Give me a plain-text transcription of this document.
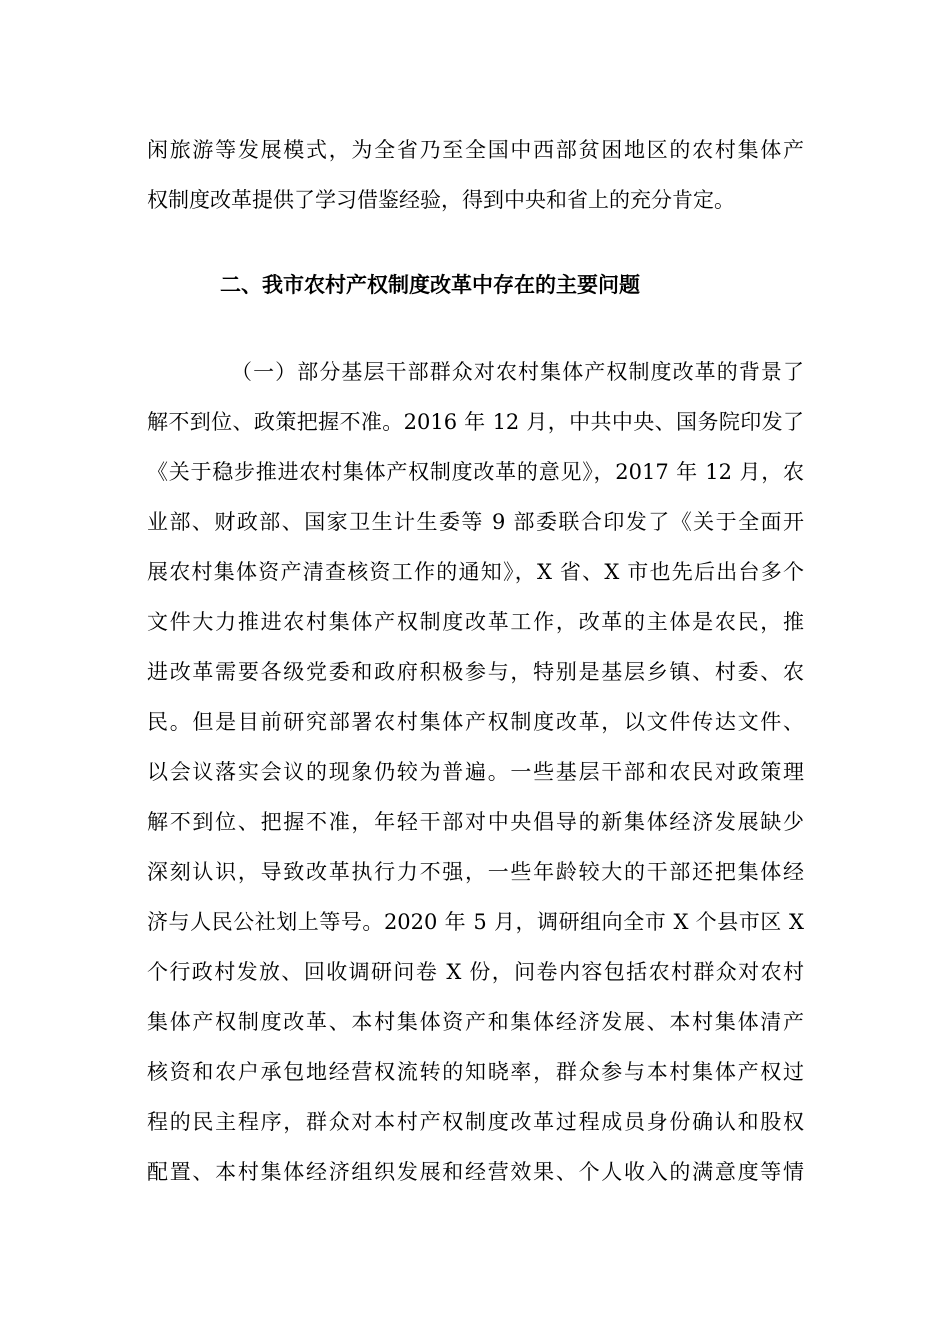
闲旅游等发展模式，为全省乃至全国中西部贫困地区的农村集体产
权制度改革提供了学习借鉴经验，得到中央和省上的充分肯定。
二、我市农村产权制度改革中存在的主要问题
（一）部分基层干部群众对农村集体产权制度改革的背景了
解不到位、政策把握不准。2016 年 12 月，中共中央、国务院印发了
《关于稳步推进农村集体产权制度改革的意见》，2017 年 12 月，农
业部、财政部、国家卫生计生委等 9 部委联合印发了《关于全面开
展农村集体资产清查核资工作的通知》，X 省、X 市也先后出台多个
文件大力推进农村集体产权制度改革工作，改革的主体是农民，推
进改革需要各级党委和政府积极参与，特别是基层乡镇、村委、农
民。但是目前研究部署农村集体产权制度改革，以文件传达文件、
以会议落实会议的现象仍较为普遍。一些基层干部和农民对政策理
解不到位、把握不准，年轻干部对中央倡导的新集体经济发展缺少
深刻认识，导致改革执行力不强，一些年龄较大的干部还把集体经
济与人民公社划上等号。2020 年 5 月，调研组向全市 X 个县市区 X
个行政村发放、回收调研问卷 X 份，问卷内容包括农村群众对农村
集体产权制度改革、本村集体资产和集体经济发展、本村集体清产
核资和农户承包地经营权流转的知晓率，群众参与本村集体产权过
程的民主程序，群众对本村产权制度改革过程成员身份确认和股权
配置、本村集体经济组织发展和经营效果、个人收入的满意度等情
